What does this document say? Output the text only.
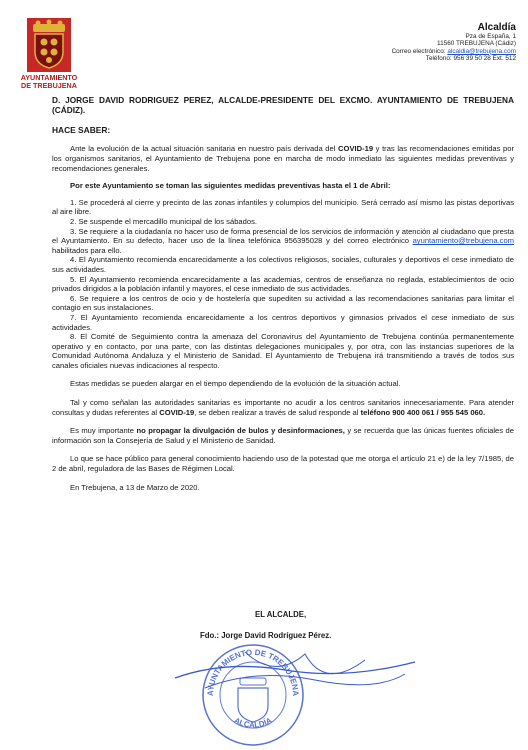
AYUNTAMIENTO
DE TREBUJENA
Alcaldía
Pza de España, 1
11560 TREBUJENA (Cádiz)
Correo electrónico: alcaldia@trebujena.com
Teléfono: 956 39 50 28 Ext. 512

D. JORGE DAVID RODRIGUEZ PEREZ, ALCALDE-PRESIDENTE DEL EXCMO. AYUNTAMIENTO DE TREBUJENA (CÁDIZ).

HACE SABER:

Ante la evolución de la actual situación sanitaria en nuestro país derivada del COVID-19 y tras las recomendaciones emitidas por los organismos sanitarios, el Ayuntamiento de Trebujena pone en marcha de modo inmediato las siguientes medidas preventivas y recomendaciones generales.

Por este Ayuntamiento se toman las siguientes medidas preventivas hasta el 1 de Abril:

1. Se procederá al cierre y precinto de las zonas infantiles y columpios del municipio. Será cerrado así mismo las pistas deportivas al aire libre.

2. Se suspende el mercadillo municipal de los sábados.

3. Se requiere a la ciudadanía no hacer uso de forma presencial de los servicios de información y atención al ciudadano que presta el Ayuntamiento. En su defecto, hacer uso de la línea telefónica 956395028 y del correo electrónico ayuntamiento@trebujena.com habilitados para ello.

4. El Ayuntamiento recomienda encarecidamente a los colectivos religiosos, sociales, culturales y deportivos el cese inmediato de sus actividades.

5. El Ayuntamiento recomienda encarecidamente a las academias, centros de enseñanza no reglada, establecimientos de ocio privados dirigidos a la población infantil y mayores, el cese inmediato de sus actividades.

6. Se requiere a los centros de ocio y de hostelería que supediten su actividad a las recomendaciones sanitarias para limitar el contagio en sus instalaciones.

7. El Ayuntamiento recomienda encarecidamente a los centros deportivos y gimnasios privados el cese inmediato de sus actividades.

8. El Comité de Seguimiento contra la amenaza del Coronavirus del Ayuntamiento de Trebujena continúa permanentemente operativo y en contacto, por una parte, con las distintas delegaciones municipales y, por otra, con las instancias superiores de la Comunidad Autónoma Andaluza y el Ministerio de Sanidad. El Ayuntamiento de Trebujena irá transmitiendo a través de todos sus canales oficiales nuevas indicaciones al respecto.

Estas medidas se pueden alargar en el tiempo dependiendo de la evolución de la situación actual.

Tal y como señalan las autoridades sanitarias es importante no acudir a los centros sanitarios innecesariamente. Para atender consultas y dudas referentes al COVID-19, se deben realizar a través de salud responde al teléfono 900 400 061 / 955 545 060.

Es muy importante no propagar la divulgación de bulos y desinformaciones, y se recuerda que las únicas fuentes oficiales de información son la Consejería de Salud y el Ministerio de Sanidad.

Lo que se hace público para general conocimiento haciendo uso de la potestad que me otorga el artículo 21 e) de la ley 7/1985, de 2 de abril, reguladora de las Bases de Régimen Local.

En Trebujena, a 13 de Marzo de 2020.

EL ALCALDE,
Fdo.: Jorge David Rodríguez Pérez.
AYUNTAMIENTO DE TREBUJENA
ALCALDÍA
